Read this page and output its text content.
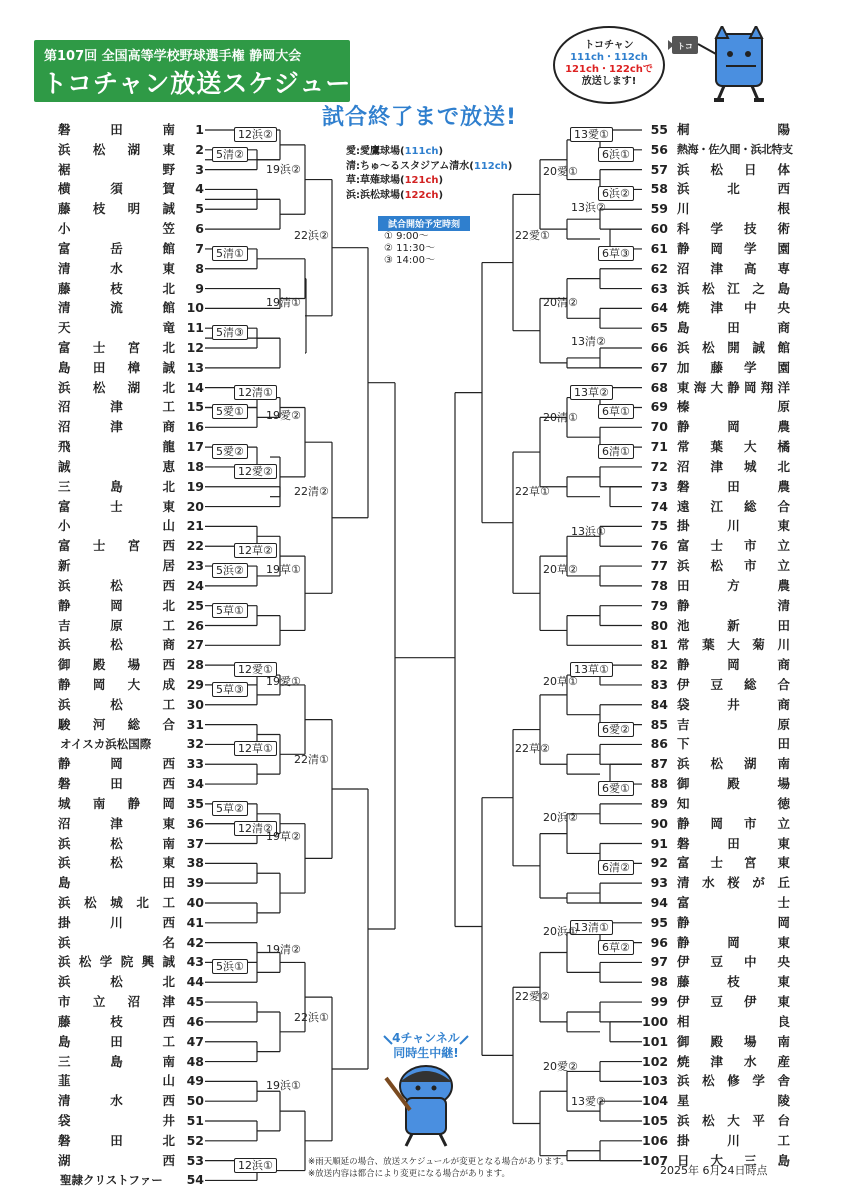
第107回 全国高等学校野球選手権 静岡大会
トコチャン放送スケジュール
試合終了まで放送!
愛:愛鷹球場(111ch)
清:ちゅ～るスタジアム清水(112ch)
草:草薙球場(121ch)
浜:浜松球場(122ch)
試合開始予定時刻
① 9:00～
② 11:30～
③ 14:00～
トコチャン
111ch・112ch
121ch・122chで
放送します!
トコ
4チャンネル
同時生中継!
磐田南	1
浜松湖東	2
裾野	3
横須賀	4
藤枝明誠	5
小笠	6
富岳館	7
清水東	8
藤枝北	9
清流館 10
天竜 11
富士宮北 12
島田樟誠 13
浜松湖北 14
沼津工 15
沼津商 16
飛龍 17
誠恵 18
三島北 19
富士東 20
小山 21
富士宮西 22
新居 23
浜松西 24
静岡北 25
吉原工 26
浜松商 27
御殿場西 28
静岡大成 29
浜松工 30
駿河総合 31
オイスカ浜松国際	32
静岡西 33
磐田西 34
城南静岡 35
沼津東 36
浜松南 37
浜松東 38
島田 39
浜松城北工 40
掛川西 41
浜名 42
浜松学院興誠 43
浜松北 44
市立沼津 45
藤枝西 46
島田工 47
三島南 48
韮山 49
清水西 50
袋井 51
磐田北 52
湖西 53
聖隷クリストファー	54
55 桐陽
56 熱海・佐久間・浜北特支
57 浜松日体
58 浜北西
59 川根
60 科学技術
61 静岡学園
62 沼津高専
63 浜松江之島
64 焼津中央
65 島田商
66 浜松開誠館
67 加藤学園
68 東海大静岡翔洋
69 榛原
70 静岡農
71 常葉大橘
72 沼津城北
73 磐田農
74 遠江総合
75 掛川東
76 富士市立
77 浜松市立
78 田方農
79 静清
80 池新田
81 常葉大菊川
82 静岡商
83 伊豆総合
84 袋井商
85 吉原
86 下田
87 浜松湖南
88 御殿場
89 知徳
90 静岡市立
91 磐田東
92 富士宮東
93 清水桜が丘
94 富士
95 静岡
96 静岡東
97 伊豆中央
98 藤枝東
99 伊豆伊東
100 相良
101 御殿場南
102 焼津水産
103 浜松修学舎
104 星陵
105 浜松大平台
106 掛川工
107 日大三島
12浜②
5清②
5清①
5清③
12清①
5愛①
5愛②
12愛②
12草②
5浜②
5草①
12愛①
5草③
12草①
5草②
12清②
5浜①
12浜①
19浜②
19清①
19愛②
19草①
19愛①
19草②
19清②
19浜①
22浜②
22清②
22清①
22浜①
13愛①
6浜①
6浜②
6草③
13草②
6草①
6清①
13草①
6愛②
6愛①
6清②
13清①
6草②
13浜②
13清②
13浜①
13愛②
20愛①
20清②
20清①
20草②
20草①
20浜②
20浜①
20愛②
22愛①
22草①
22草②
22愛②
※雨天順延の場合、放送スケジュールが変更となる場合があります。
※放送内容は都合により変更になる場合があります。	2025年 6月24日時点
